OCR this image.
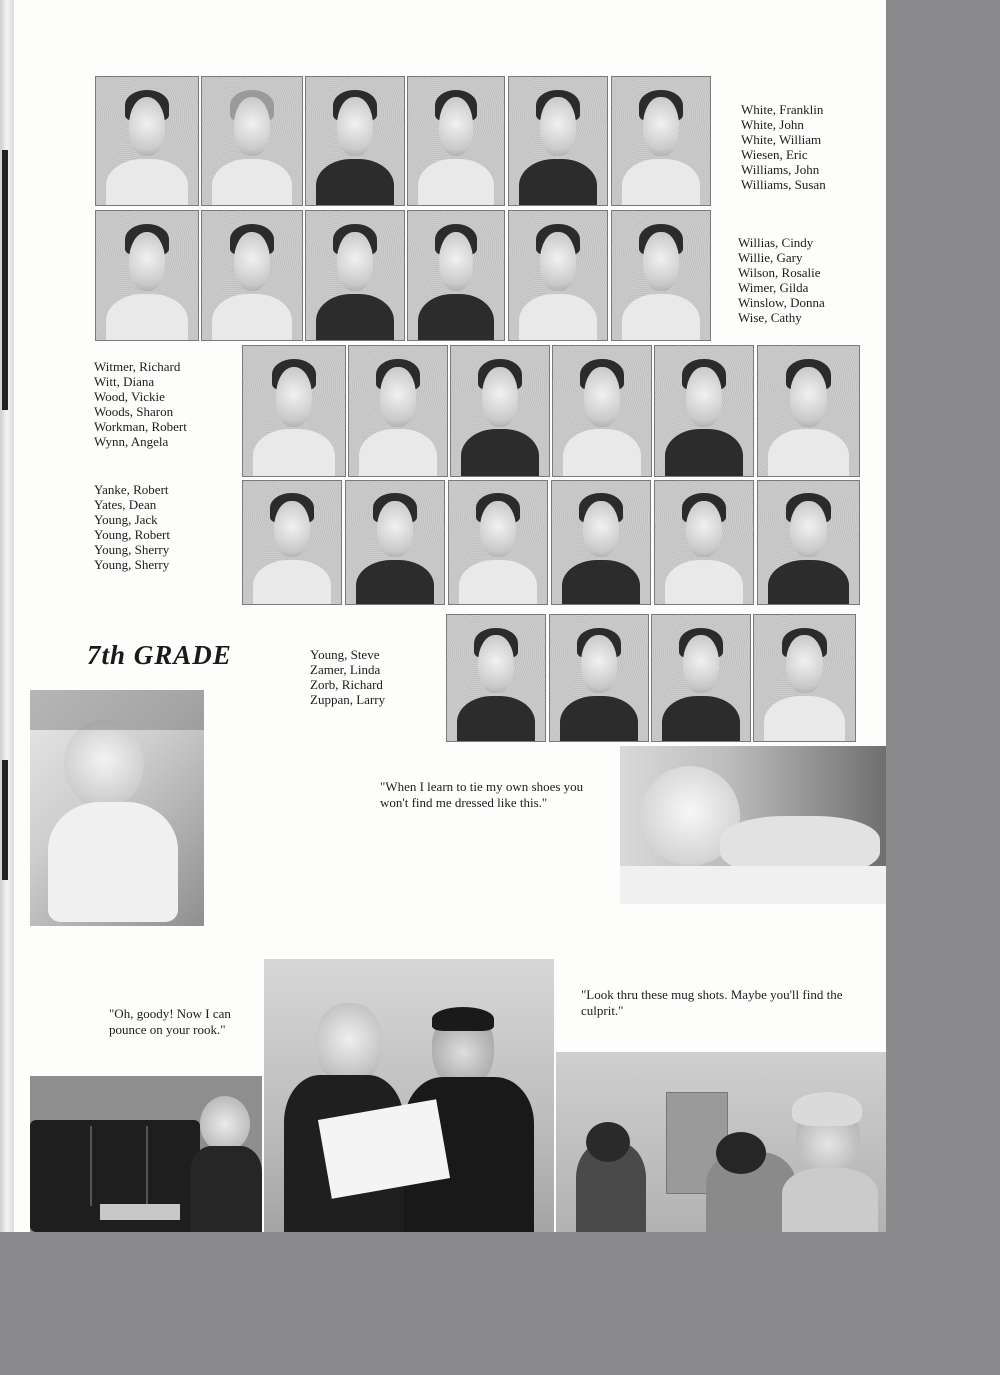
White, Franklin
White, John
White, William
Wiesen, Eric
Williams, John
Williams, Susan
Willias, Cindy
Willie, Gary
Wilson, Rosalie
Wimer, Gilda
Winslow, Donna
Wise, Cathy
Witmer, Richard
Witt, Diana
Wood, Vickie
Woods, Sharon
Workman, Robert
Wynn, Angela
Yanke, Robert
Yates, Dean
Young, Jack
Young, Robert
Young, Sherry
Young, Sherry
7th GRADE	Young, Steve
Zamer, Linda
Zorb, Richard
Zuppan, Larry

"When I learn to tie my own shoes you won't find me dressed like this."

"Oh, goody! Now I can pounce on your rook."

"Look thru these mug shots. Maybe you'll find the culprit."
